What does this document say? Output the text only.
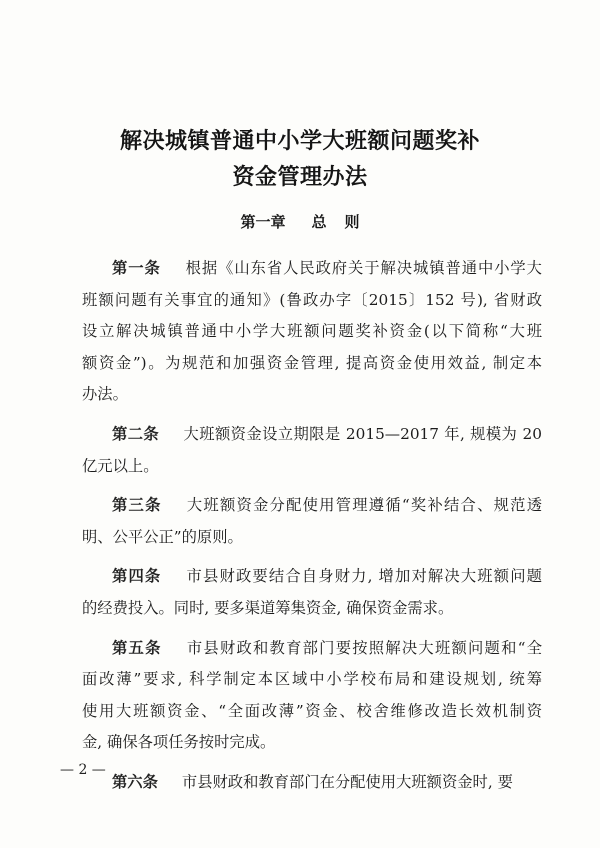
解决城镇普通中小学大班额问题奖补
资金管理办法
第一章 总 则
第一条 根据《山东省人民政府关于解决城镇普通中小学大
班额问题有关事宜的通知》(鲁政办字〔2015〕152 号), 省财政
设立解决城镇普通中小学大班额问题奖补资金(以下简称“大班
额资金”)。为规范和加强资金管理, 提高资金使用效益, 制定本
办法。
第二条 大班额资金设立期限是 2015—2017 年, 规模为 20
亿元以上。
第三条 大班额资金分配使用管理遵循“奖补结合、规范透
明、公平公正”的原则。
第四条 市县财政要结合自身财力, 增加对解决大班额问题
的经费投入。同时, 要多渠道筹集资金, 确保资金需求。
第五条 市县财政和教育部门要按照解决大班额问题和“全
面改薄”要求, 科学制定本区域中小学校布局和建设规划, 统筹
使用大班额资金、“全面改薄”资金、校舍维修改造长效机制资
金, 确保各项任务按时完成。
第六条 市县财政和教育部门在分配使用大班额资金时, 要
— 2 —
